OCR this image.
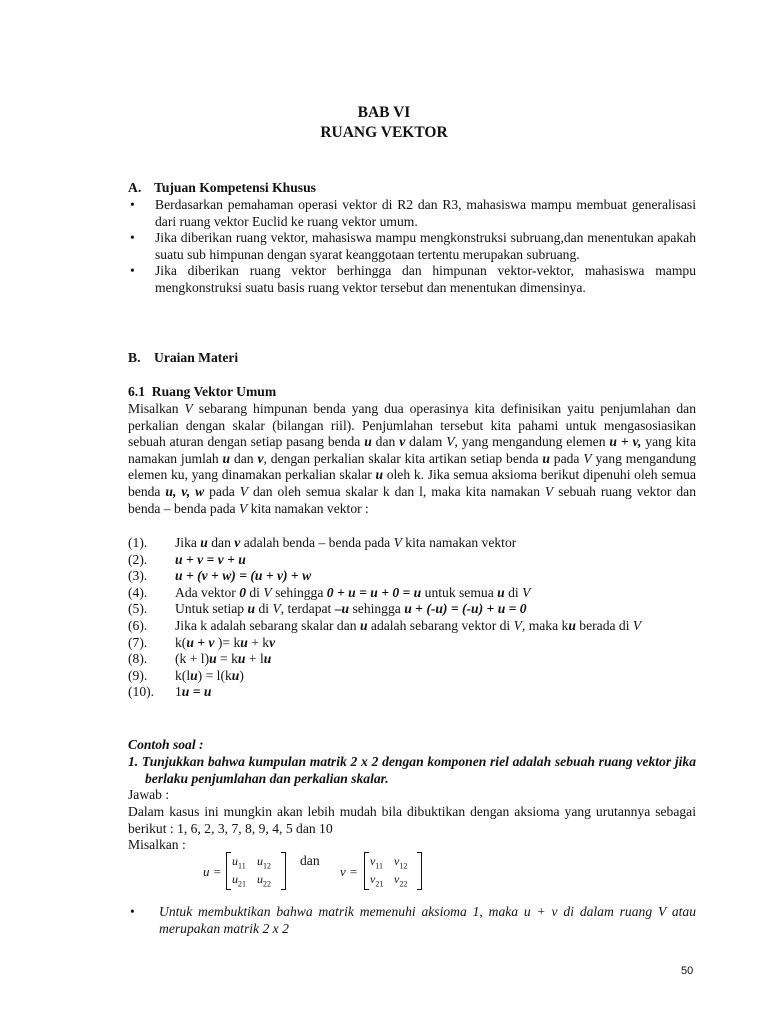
BAB VI
RUANG VEKTOR
A. Tujuan Kompetensi Khusus
• Berdasarkan pemahaman operasi vektor di R2 dan R3, mahasiswa mampu membuat generalisasi dari ruang vektor Euclid ke ruang vektor umum.
• Jika diberikan ruang vektor, mahasiswa mampu mengkonstruksi subruang,dan menentukan apakah suatu sub himpunan dengan syarat keanggotaan tertentu merupakan subruang.
• Jika diberikan ruang vektor berhingga dan himpunan vektor-vektor, mahasiswa mampu mengkonstruksi suatu basis ruang vektor tersebut dan menentukan dimensinya.
B. Uraian Materi
6.1 Ruang Vektor Umum
Misalkan V sebarang himpunan benda yang dua operasinya kita definisikan yaitu penjumlahan dan perkalian dengan skalar (bilangan riil). Penjumlahan tersebut kita pahami untuk mengasosiasikan sebuah aturan dengan setiap pasang benda u dan v dalam V, yang mengandung elemen u + v, yang kita namakan jumlah u dan v, dengan perkalian skalar kita artikan setiap benda u pada V yang mengandung elemen ku, yang dinamakan perkalian skalar u oleh k. Jika semua aksioma berikut dipenuhi oleh semua benda u, v, w pada V dan oleh semua skalar k dan l, maka kita namakan V sebuah ruang vektor dan benda – benda pada V kita namakan vektor :
(1). Jika u dan v adalah benda – benda pada V kita namakan vektor
(2). u + v = v + u
(3). u + (v + w) = (u + v) + w
(4). Ada vektor 0 di V sehingga 0 + u = u + 0 = u untuk semua u di V
(5). Untuk setiap u di V, terdapat –u sehingga u + (-u) = (-u) + u = 0
(6). Jika k adalah sebarang skalar dan u adalah sebarang vektor di V, maka ku berada di V
(7). k(u + v )= ku + kv
(8). (k + l)u = ku + lu
(9). k(lu) = l(ku)
(10). 1u = u
Contoh soal :
1. Tunjukkan bahwa kumpulan matrik 2 x 2 dengan komponen riel adalah sebuah ruang vektor jika berlaku penjumlahan dan perkalian skalar.
Jawab :
Dalam kasus ini mungkin akan lebih mudah bila dibuktikan dengan aksioma yang urutannya sebagai berikut : 1, 6, 2, 3, 7, 8, 9, 4, 5 dan 10
Misalkan :
u =
$u_{11}$ $u_{12}$
$u_{21}$ $u_{22}$
dan
v =
$v_{11}$ $v_{12}$
$v_{21}$ $v_{22}$
• Untuk membuktikan bahwa matrik memenuhi aksioma 1, maka u + v di dalam ruang V atau merupakan matrik 2 x 2
50
